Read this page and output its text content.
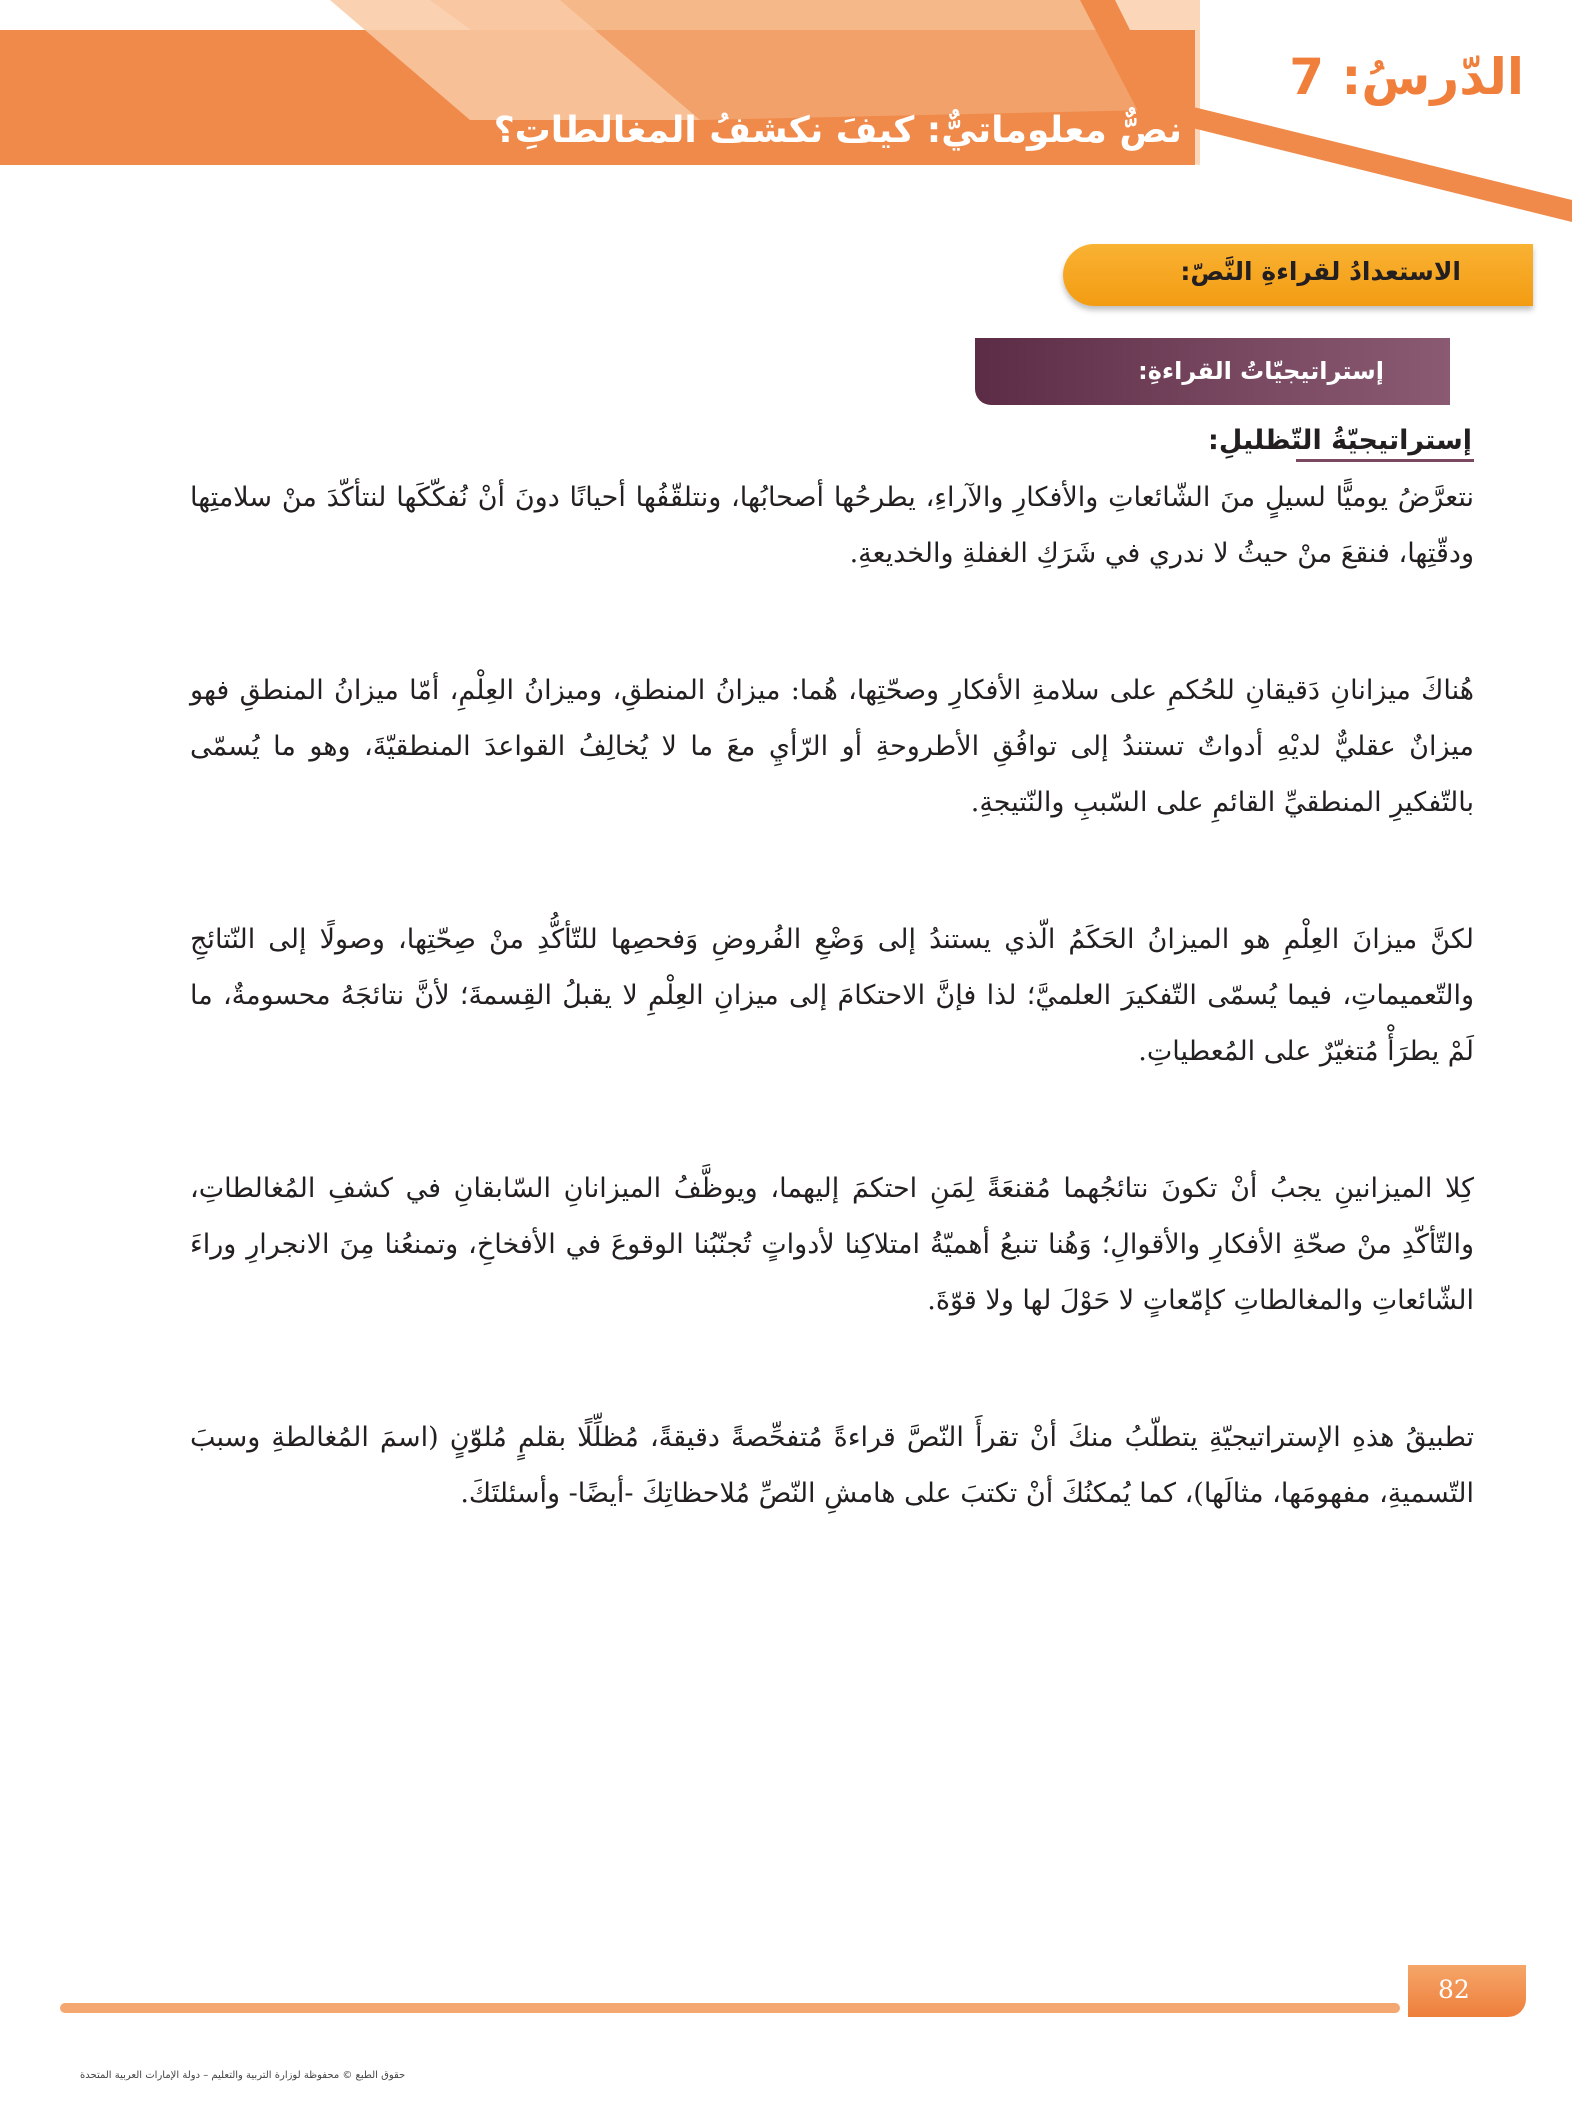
الدّرسُ: 7
نصٌّ معلوماتيٌّ: كيفَ نكشفُ المغالطاتِ؟
الاستعدادُ لقراءةِ النَّصّ:
إستراتيجيّاتُ القراءةِ:
إستراتيجيّةُ التّظليلِ:

نتعرَّضُ يوميًّا لسيلٍ منَ الشّائعاتِ والأفكارِ والآراءِ، يطرحُها أصحابُها، ونتلقّفُها أحيانًا دونَ أنْ نُفكّكَها لنتأكّدَ منْ سلامتِها ودقّتِها، فنقعَ منْ حيثُ لا ندري في شَرَكِ الغفلةِ والخديعةِ.

هُناكَ ميزانانِ دَقيقانِ للحُكمِ على سلامةِ الأفكارِ وصحّتِها، هُما: ميزانُ المنطقِ، وميزانُ العِلْمِ، أمّا ميزانُ المنطقِ فهو ميزانٌ عقليٌّ لديْهِ أدواتٌ تستندُ إلى توافُقِ الأطروحةِ أو الرّأيِ معَ ما لا يُخالِفُ القواعدَ المنطقيّةَ، وهو ما يُسمّى بالتّفكيرِ المنطقيِّ القائمِ على السّببِ والنّتيجةِ.

لكنَّ ميزانَ العِلْمِ هو الميزانُ الحَكَمُ الّذي يستندُ إلى وَضْعِ الفُروضِ وَفحصِها للتّأكُّدِ منْ صِحّتِها، وصولًا إلى النّتائجِ والتّعميماتِ، فيما يُسمّى التّفكيرَ العلميَّ؛ لذا فإنَّ الاحتكامَ إلى ميزانِ العِلْمِ لا يقبلُ القِسمةَ؛ لأنَّ نتائجَهُ محسومةٌ، ما لَمْ يطرَأْ مُتغيّرٌ على المُعطياتِ.

كِلا الميزانينِ يجبُ أنْ تكونَ نتائجُهما مُقنعَةً لِمَنِ احتكمَ إليهما، ويوظَّفُ الميزانانِ السّابقانِ في كشفِ المُغالطاتِ، والتّأكّدِ منْ صحّةِ الأفكارِ والأقوالِ؛ وَهُنا تنبعُ أهميّةُ امتلاكِنا لأدواتٍ تُجنّبُنا الوقوعَ في الأفخاخِ، وتمنعُنا مِنَ الانجرارِ وراءَ الشّائعاتِ والمغالطاتِ كإمّعاتٍ لا حَوْلَ لها ولا قوّةَ.

تطبيقُ هذهِ الإستراتيجيّةِ يتطلّبُ منكَ أنْ تقرأَ النّصَّ قراءةً مُتفحِّصةً دقيقةً، مُظلِّلًا بقلمٍ مُلوّنٍ (اسمَ المُغالطةِ وسببَ التّسميةِ، مفهومَها، مثالَها)، كما يُمكنُكَ أنْ تكتبَ على هامشِ النّصِّ مُلاحظاتِكَ -أيضًا- وأسئلتَكَ.

82
حقوق الطبع © محفوظة لوزارة التربية والتعليم – دولة الإمارات العربية المتحدة
